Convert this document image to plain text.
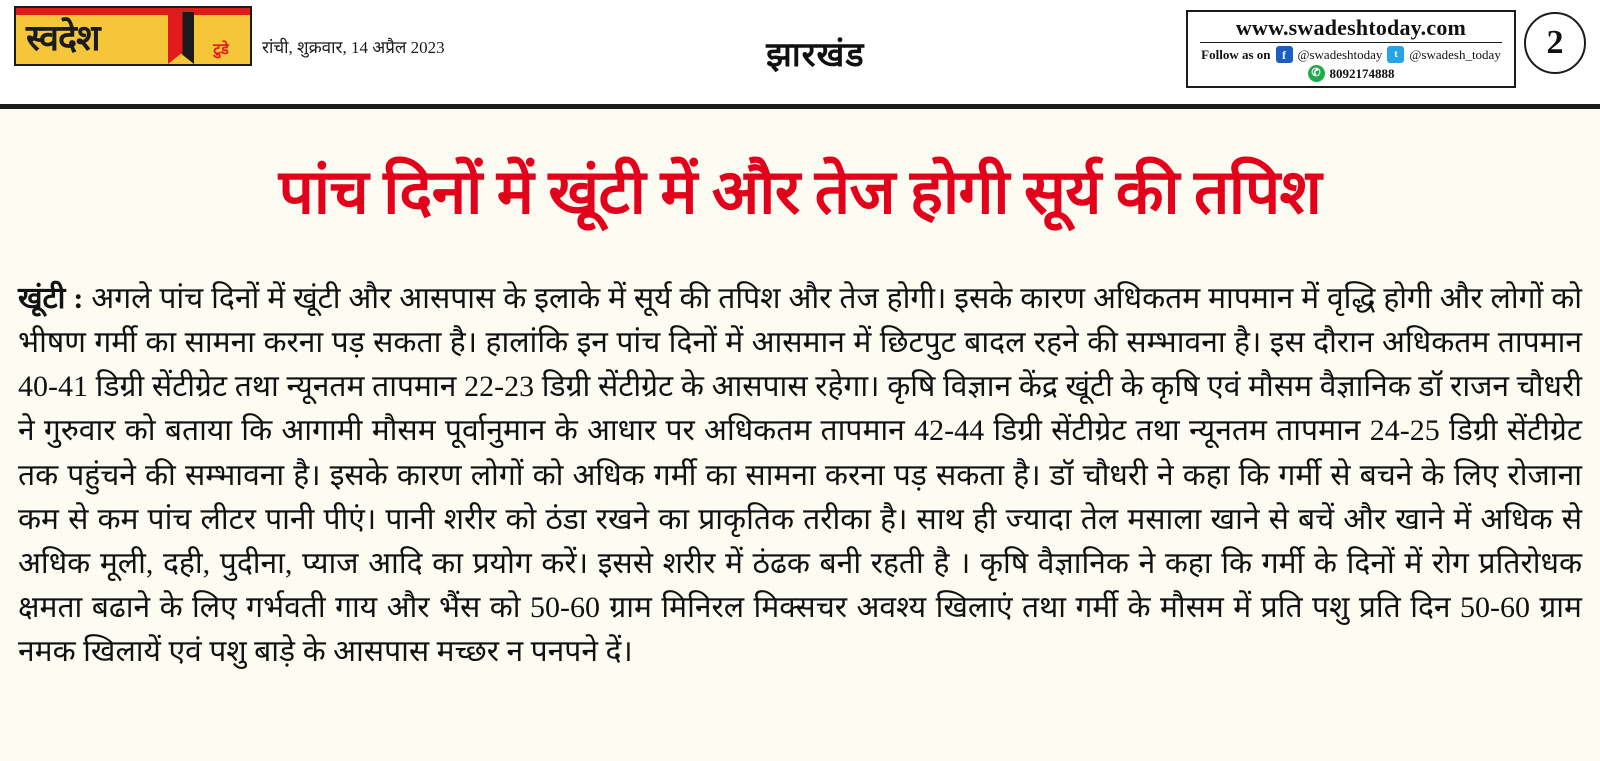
स्वदेश	टुडे	रांची, शुक्रवार, 14 अप्रैल 2023	झारखंड
www.swadeshtoday.com
Follow as on f @swadeshtoday	t @swadesh_today
✆ 8092174888
2
पांच दिनों में खूंटी में और तेज होगी सूर्य की तपिश
खूंटी : अगले पांच दिनों में खूंटी और आसपास के इलाके में सूर्य की तपिश और तेज होगी। इसके कारण अधिकतम मापमान में वृद्धि होगी और लोगों को भीषण गर्मी का सामना करना पड़ सकता है। हालांकि इन पांच दिनों में आसमान में छिटपुट बादल रहने की सम्भावना है। इस दौरान अधिकतम तापमान 40-41 डिग्री सेंटीग्रेट तथा न्यूनतम तापमान 22-23 डिग्री सेंटीग्रेट के आसपास रहेगा। कृषि विज्ञान केंद्र खूंटी के कृषि एवं मौसम वैज्ञानिक डॉ राजन चौधरी ने गुरुवार को बताया कि आगामी मौसम पूर्वानुमान के आधार पर अधिकतम तापमान 42-44 डिग्री सेंटीग्रेट तथा न्यूनतम तापमान 24-25 डिग्री सेंटीग्रेट तक पहुंचने की सम्भावना है। इसके कारण लोगों को अधिक गर्मी का सामना करना पड़ सकता है। डॉ चौधरी ने कहा कि गर्मी से बचने के लिए रोजाना कम से कम पांच लीटर पानी पीएं। पानी शरीर को ठंडा रखने का प्राकृतिक तरीका है। साथ ही ज्यादा तेल मसाला खाने से बचें और खाने में अधिक से अधिक मूली, दही, पुदीना, प्याज आदि का प्रयोग करें। इससे शरीर में ठंढक बनी रहती है । कृषि वैज्ञानिक ने कहा कि गर्मी के दिनों में रोग प्रतिरोधक क्षमता बढाने के लिए गर्भवती गाय और भैंस को 50-60 ग्राम मिनिरल मिक्सचर अवश्य खिलाएं तथा गर्मी के मौसम में प्रति पशु प्रति दिन 50-60 ग्राम नमक खिलायें एवं पशु बाड़े के आसपास मच्छर न पनपने दें।
